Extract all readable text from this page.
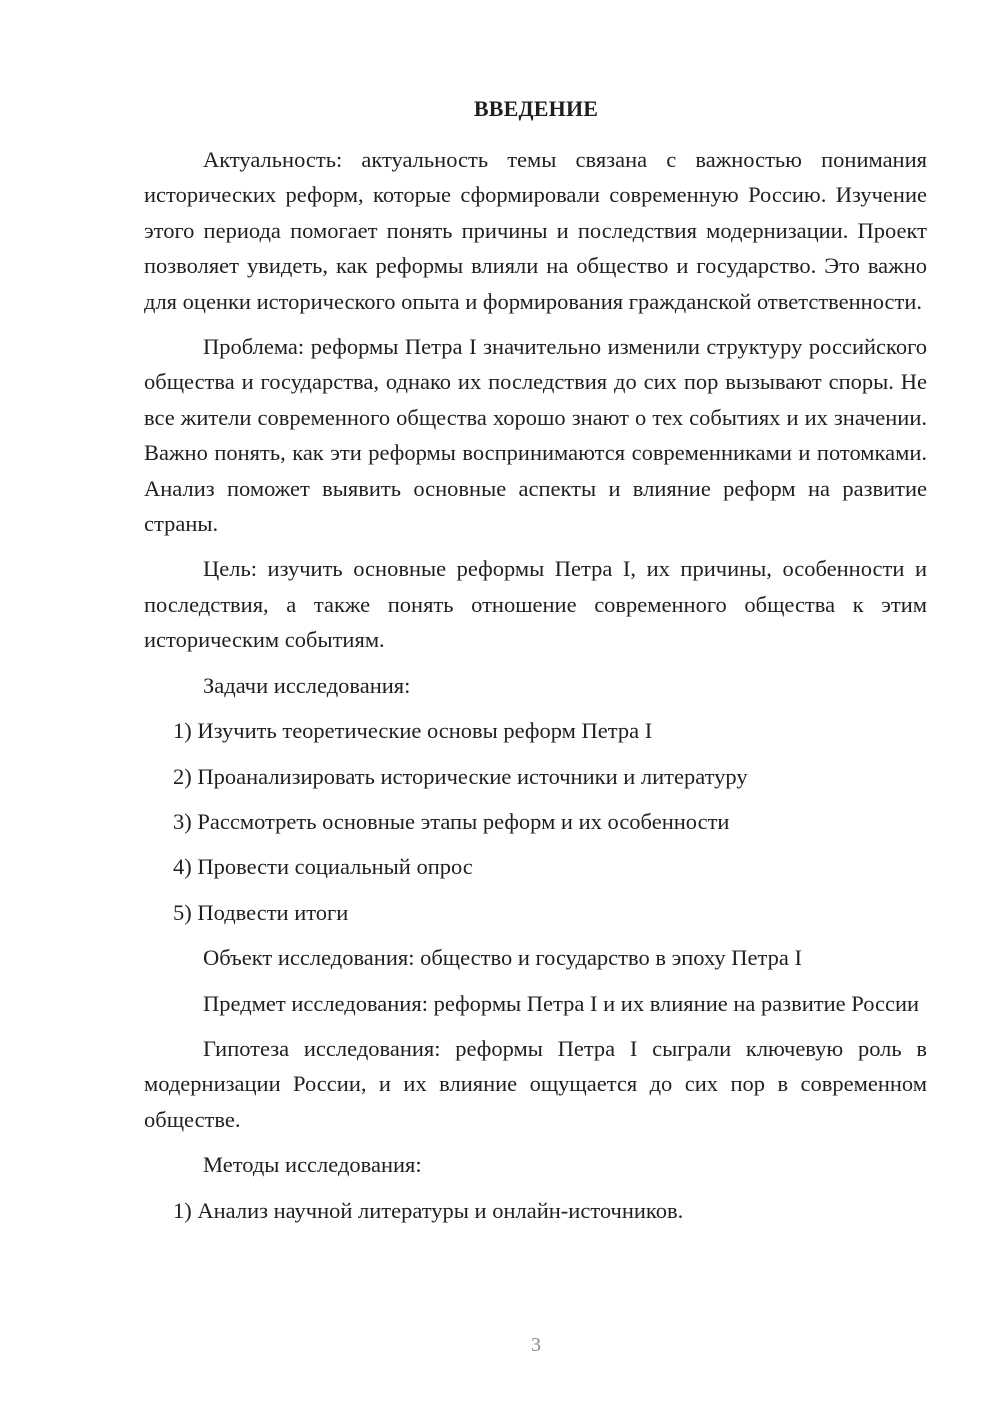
ВВЕДЕНИЕ

Актуальность: актуальность темы связана с важностью понимания исторических реформ, которые сформировали современную Россию. Изучение этого периода помогает понять причины и последствия модернизации. Проект позволяет увидеть, как реформы влияли на общество и государство. Это важно для оценки исторического опыта и формирования гражданской ответственности.

Проблема: реформы Петра I значительно изменили структуру российского общества и государства, однако их последствия до сих пор вызывают споры. Не все жители современного общества хорошо знают о тех событиях и их значении. Важно понять, как эти реформы воспринимаются современниками и потомками. Анализ поможет выявить основные аспекты и влияние реформ на развитие страны.

Цель: изучить основные реформы Петра I, их причины, особенности и последствия, а также понять отношение современного общества к этим историческим событиям.

Задачи исследования:

1) Изучить теоретические основы реформ Петра I

2) Проанализировать исторические источники и литературу

3) Рассмотреть основные этапы реформ и их особенности

4) Провести социальный опрос

5) Подвести итоги

Объект исследования: общество и государство в эпоху Петра I

Предмет исследования: реформы Петра I и их влияние на развитие России

Гипотеза исследования: реформы Петра I сыграли ключевую роль в модернизации России, и их влияние ощущается до сих пор в современном обществе.

Методы исследования:

1) Анализ научной литературы и онлайн-источников.

3
